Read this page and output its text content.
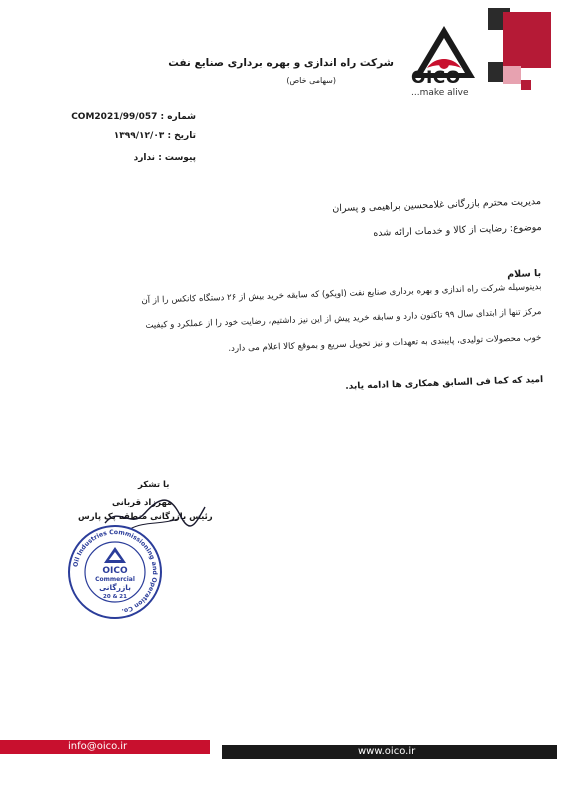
OICO
...make alive
شرکت راه اندازی و بهره برداری صنایع نفت
(سهامی خاص)
شماره : COM2021/99/057
تاریخ : ۱۳۹۹/۱۲/۰۳
پیوست : ندارد
مدیریت محترم بازرگانی غلامحسین براهیمی و پسران
موضوع: رضایت از کالا و خدمات ارائه شده
با سلام
بدینوسیله شرکت راه اندازی و بهره برداری صنایع نفت (اویکو) که سابقه خرید بیش از ۲۶ دستگاه کانکس را از آن
مرکز تنها از ابتدای سال ۹۹ تاکنون دارد و سابقه خرید پیش از این نیز داشتیم، رضایت خود را از عملکرد و کیفیت
خوب محصولات تولیدی، پایبندی به تعهدات و نیز تحویل سریع و بموقع کالا اعلام می دارد.
امید که کما فی السابق همکاری ها ادامه یابد.
با تشکر
مهرزاد قربانی
رئیس بازرگانی منطقه پک پارس
Oil Industries Commissioning and Operation Co.
OICO
Commercial
بازرگانی
20 & 21
info@oico.ir	www.oico.ir
